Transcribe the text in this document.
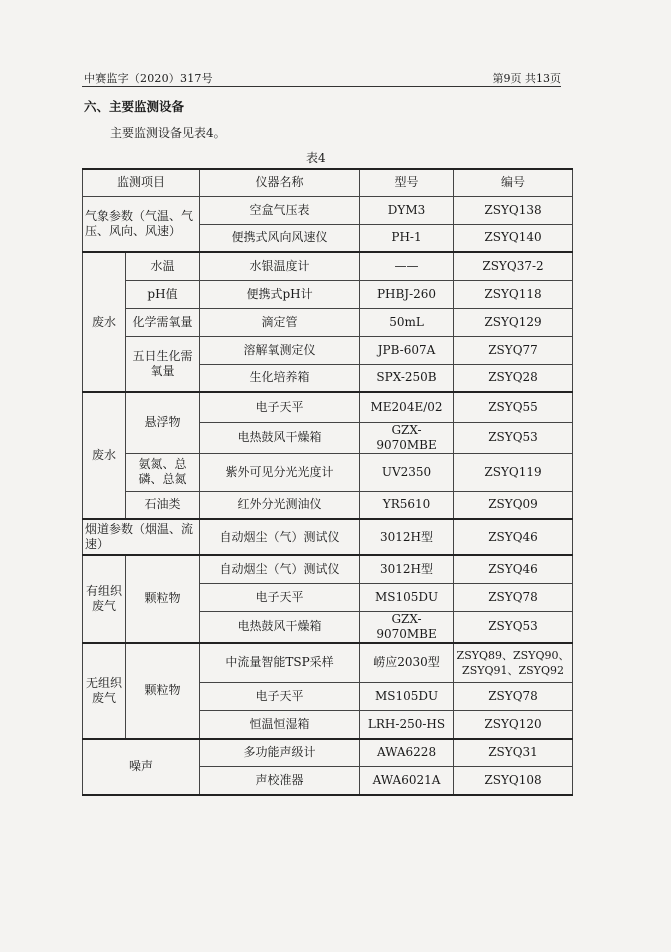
中赛监字（2020）317号	第9页 共13页
六、主要监测设备
主要监测设备见表4。
表4
监测项目		仪器名称	型号	编号
气象参数（气温、气压、风向、风速）		空盒气压表	DYM3	ZSYQ138
		便携式风向风速仪	PH-1	ZSYQ140
废水	水温	水银温度计	——	ZSYQ37-2
	pH值	便携式pH计	PHBJ-260	ZSYQ118
	化学需氧量	滴定管	50mL	ZSYQ129
	五日生化需氧量	溶解氧测定仪	JPB-607A	ZSYQ77
		生化培养箱	SPX-250B	ZSYQ28
废水	悬浮物	电子天平	ME204E/02	ZSYQ55
		电热鼓风干燥箱	GZX-9070MBE	ZSYQ53
	氨氮、总磷、总氮	紫外可见分光光度计	UV2350	ZSYQ119
	石油类	红外分光测油仪	YR5610	ZSYQ09
烟道参数（烟温、流速）		自动烟尘（气）测试仪	3012H型	ZSYQ46
有组织废气	颗粒物	自动烟尘（气）测试仪	3012H型	ZSYQ46
		电子天平	MS105DU	ZSYQ78
		电热鼓风干燥箱	GZX-9070MBE	ZSYQ53
无组织废气	颗粒物	中流量智能TSP采样	崂应2030型	ZSYQ89、ZSYQ90、ZSYQ91、ZSYQ92
		电子天平	MS105DU	ZSYQ78
		恒温恒湿箱	LRH-250-HS	ZSYQ120
噪声		多功能声级计	AWA6228	ZSYQ31
		声校准器	AWA6021A	ZSYQ108
